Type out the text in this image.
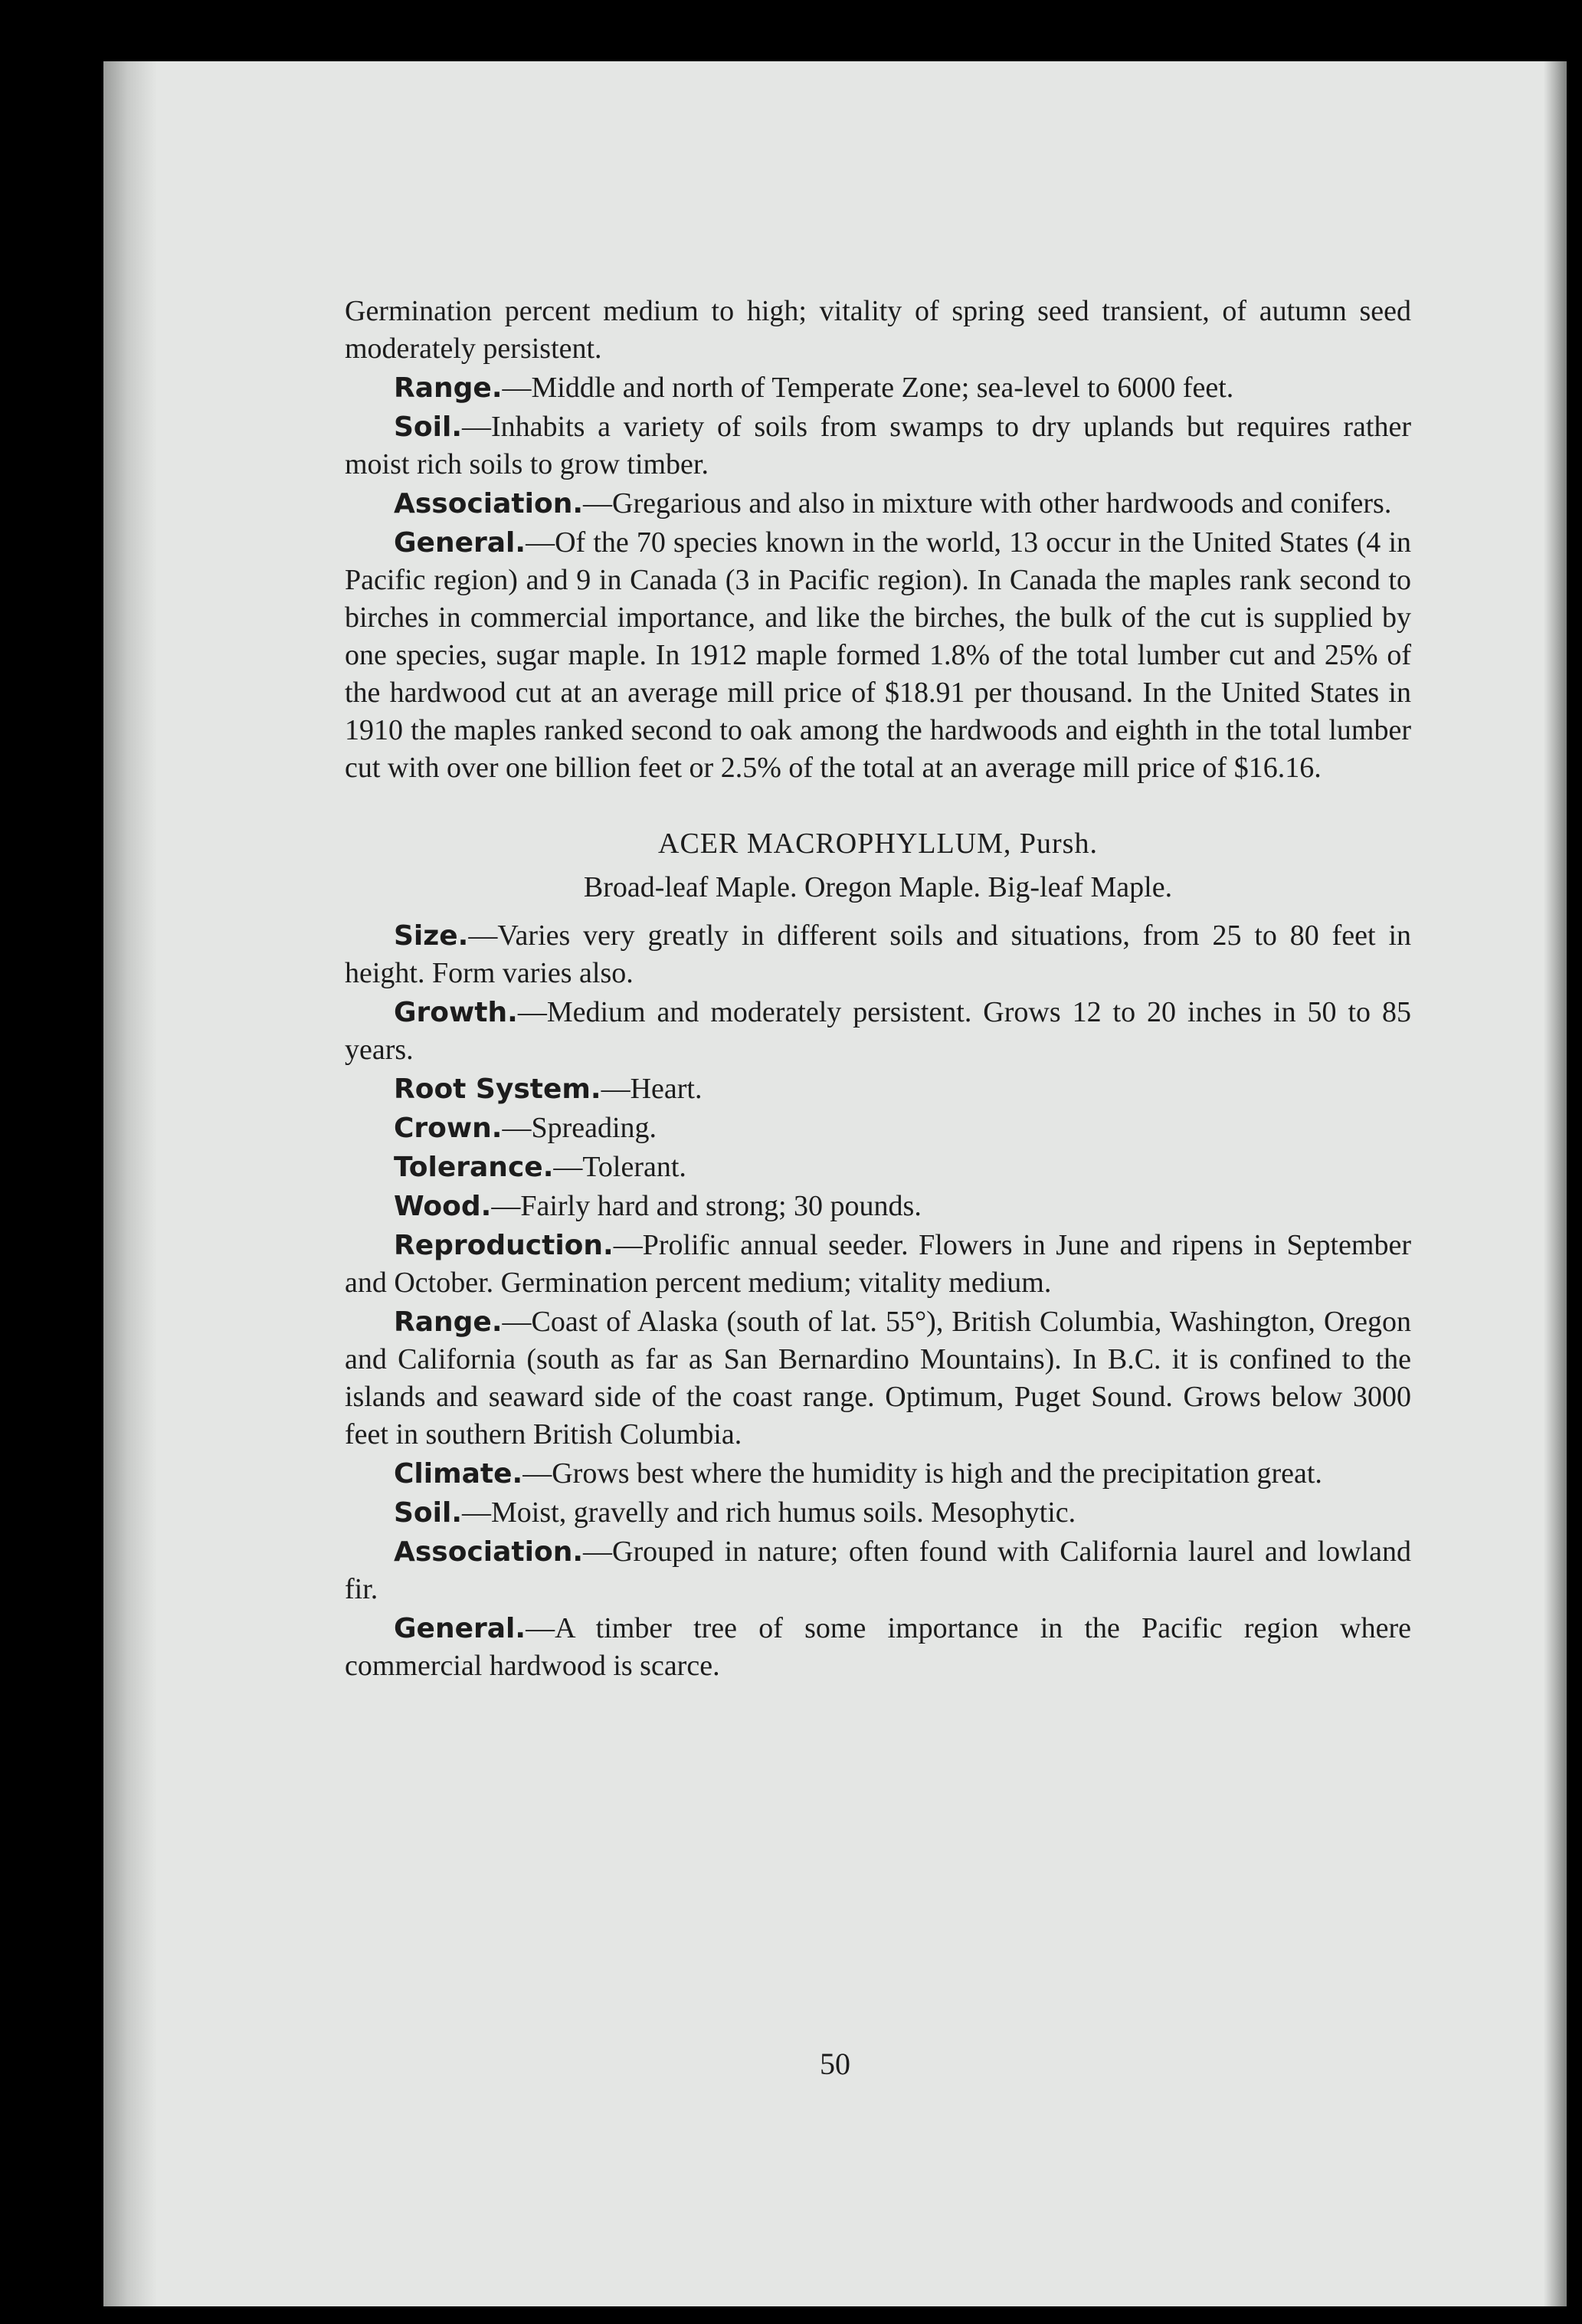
Germination percent medium to high; vitality of spring seed transient, of autumn seed moderately persistent.

Range.—Middle and north of Temperate Zone; sea-level to 6000 feet.

Soil.—Inhabits a variety of soils from swamps to dry uplands but requires rather moist rich soils to grow timber.

Association.—Gregarious and also in mixture with other hardwoods and conifers.

General.—Of the 70 species known in the world, 13 occur in the United States (4 in Pacific region) and 9 in Canada (3 in Pacific region). In Canada the maples rank second to birches in commercial importance, and like the birches, the bulk of the cut is supplied by one species, sugar maple. In 1912 maple formed 1.8% of the total lumber cut and 25% of the hardwood cut at an average mill price of $18.91 per thousand. In the United States in 1910 the maples ranked second to oak among the hardwoods and eighth in the total lumber cut with over one billion feet or 2.5% of the total at an average mill price of $16.16.

ACER MACROPHYLLUM, Pursh.

Broad-leaf Maple. Oregon Maple. Big-leaf Maple.

Size.—Varies very greatly in different soils and situations, from 25 to 80 feet in height. Form varies also.

Growth.—Medium and moderately persistent. Grows 12 to 20 inches in 50 to 85 years.

Root System.—Heart.

Crown.—Spreading.

Tolerance.—Tolerant.

Wood.—Fairly hard and strong; 30 pounds.

Reproduction.—Prolific annual seeder. Flowers in June and ripens in September and October. Germination percent medium; vitality medium.

Range.—Coast of Alaska (south of lat. 55°), British Columbia, Washington, Oregon and California (south as far as San Bernardino Mountains). In B.C. it is confined to the islands and seaward side of the coast range. Optimum, Puget Sound. Grows below 3000 feet in southern British Columbia.

Climate.—Grows best where the humidity is high and the precipitation great.

Soil.—Moist, gravelly and rich humus soils. Mesophytic.

Association.—Grouped in nature; often found with California laurel and lowland fir.

General.—A timber tree of some importance in the Pacific region where commercial hardwood is scarce.

50
